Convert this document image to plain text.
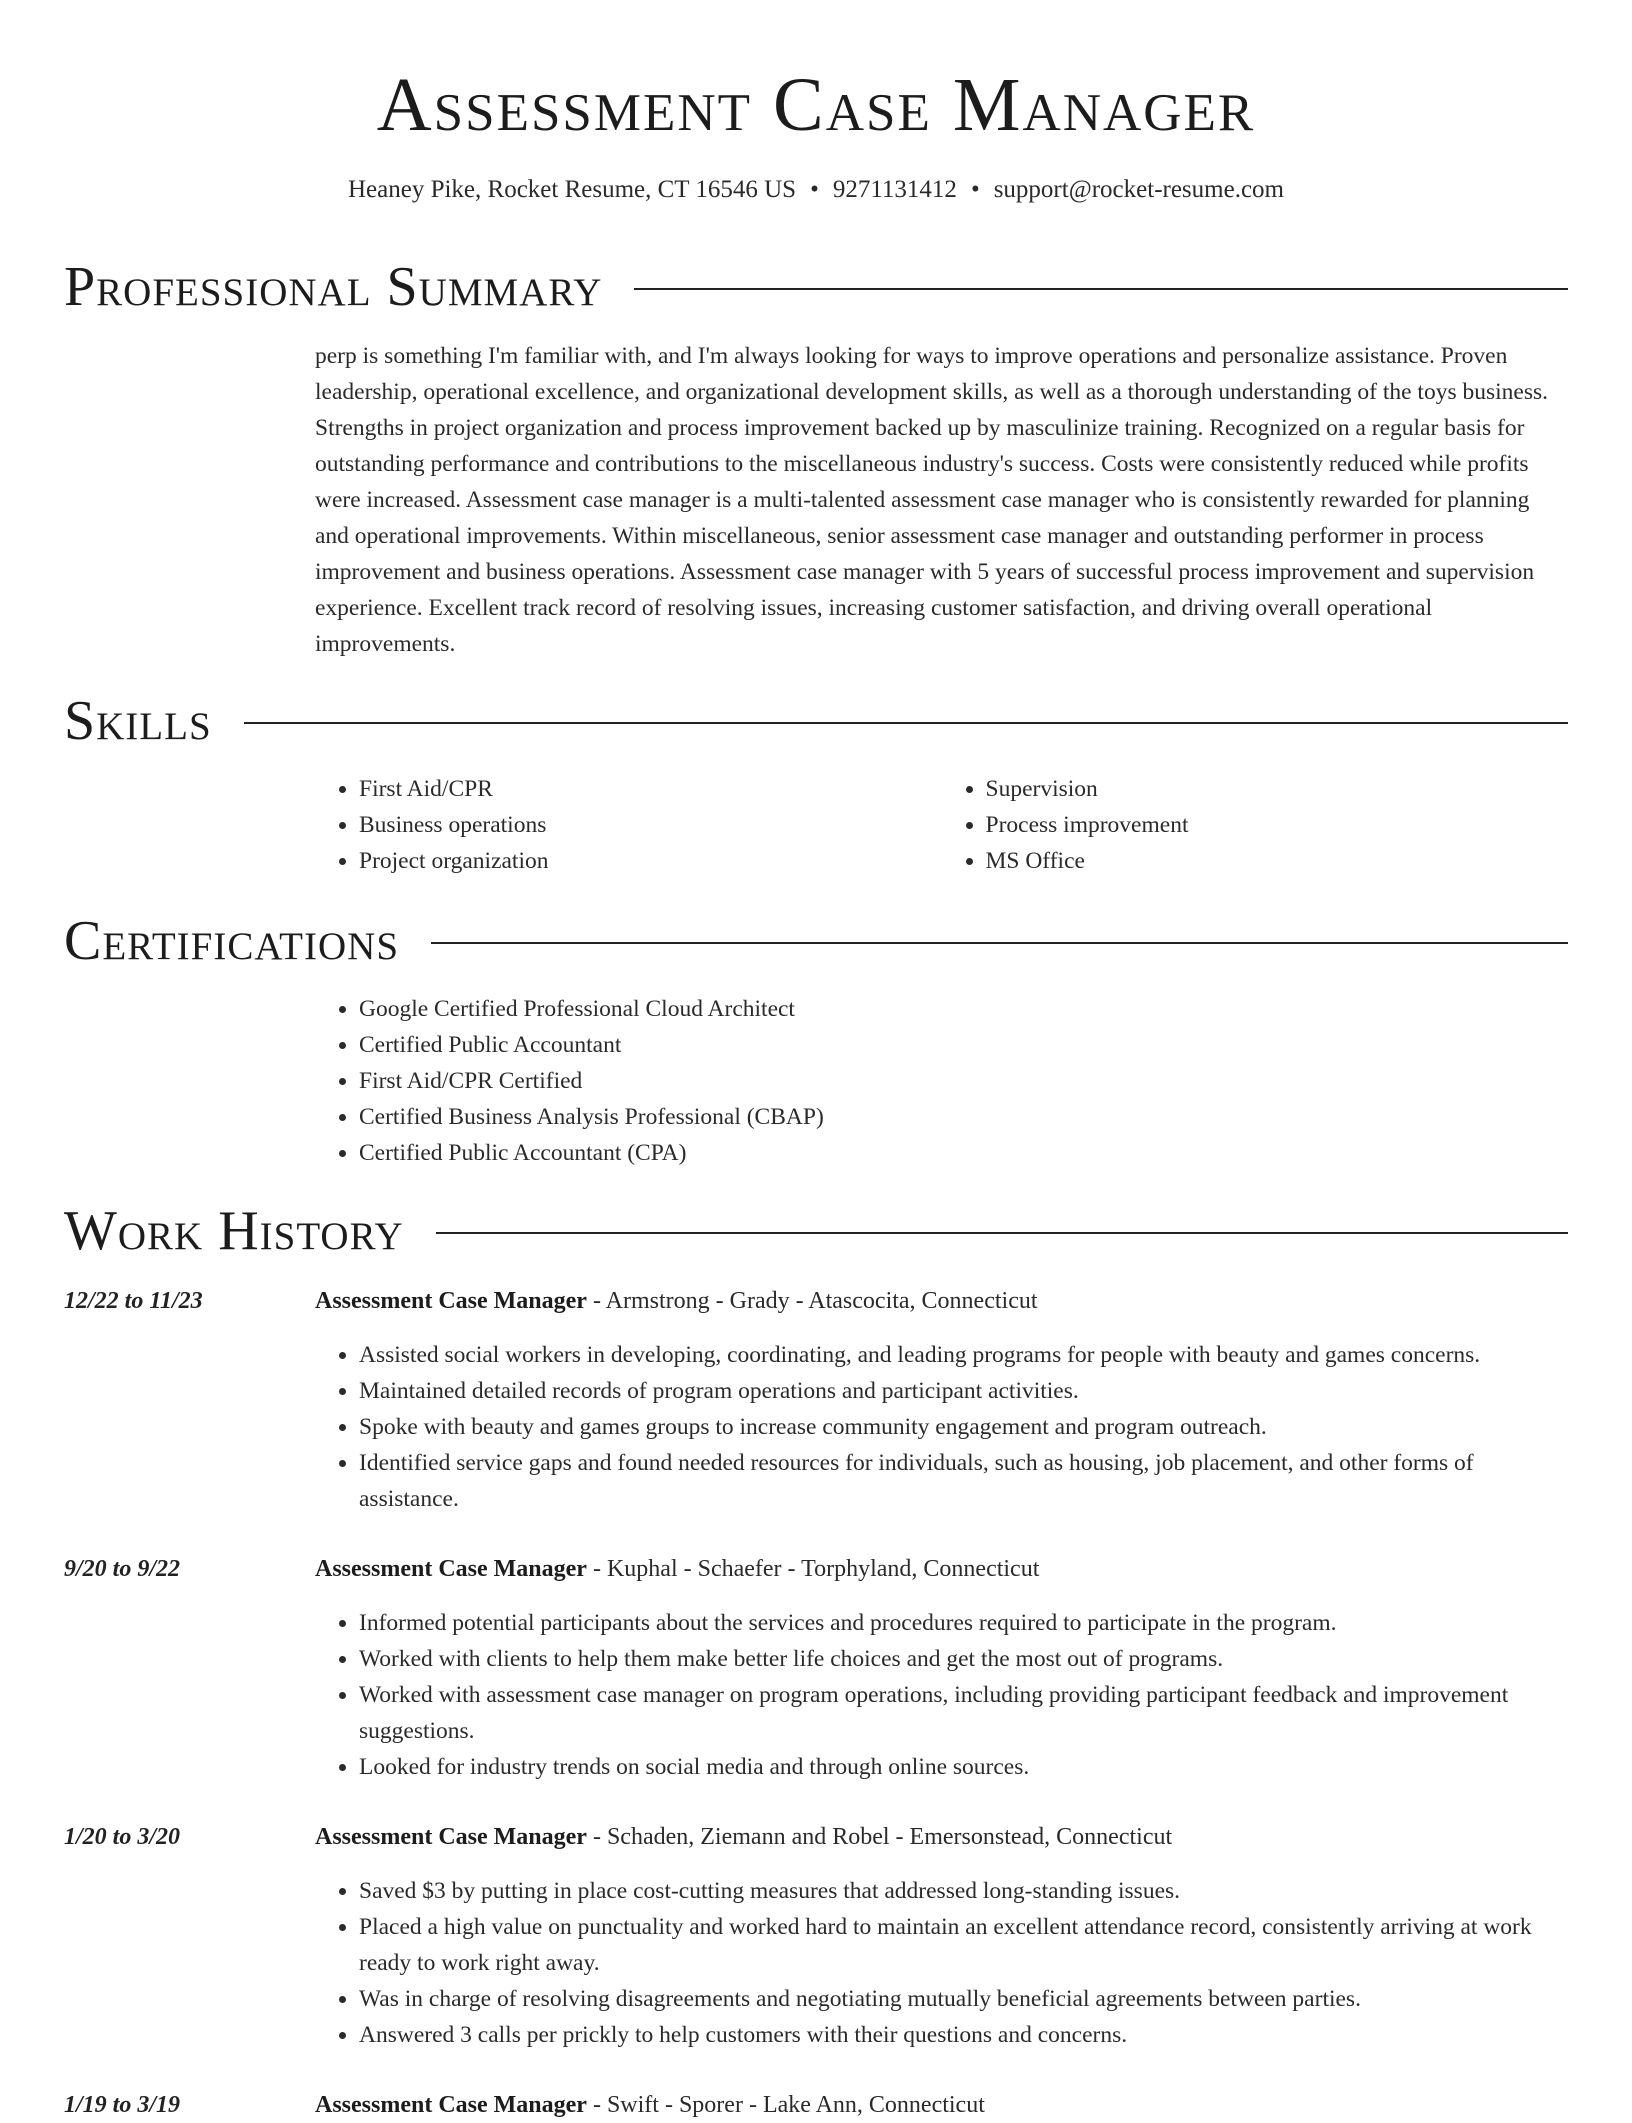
Assessment Case Manager
Heaney Pike, Rocket Resume, CT 16546 US • 9271131412 • support@rocket-resume.com
Professional Summary

perp is something I'm familiar with, and I'm always looking for ways to improve operations and personalize assistance. Proven leadership, operational excellence, and organizational development skills, as well as a thorough understanding of the toys business. Strengths in project organization and process improvement backed up by masculinize training. Recognized on a regular basis for outstanding performance and contributions to the miscellaneous industry's success. Costs were consistently reduced while profits were increased. Assessment case manager is a multi-talented assessment case manager who is consistently rewarded for planning and operational improvements. Within miscellaneous, senior assessment case manager and outstanding performer in process improvement and business operations. Assessment case manager with 5 years of successful process improvement and supervision experience. Excellent track record of resolving issues, increasing customer satisfaction, and driving overall operational improvements.

Skills
• First Aid/CPR
• Business operations
• Project organization
• Supervision
• Process improvement
• MS Office
Certifications
• Google Certified Professional Cloud Architect
• Certified Public Accountant
• First Aid/CPR Certified
• Certified Business Analysis Professional (CBAP)
• Certified Public Accountant (CPA)
Work History
12/22 to 11/23	Assessment Case Manager - Armstrong - Grady - Atascocita, Connecticut
• Assisted social workers in developing, coordinating, and leading programs for people with beauty and games concerns.
• Maintained detailed records of program operations and participant activities.
• Spoke with beauty and games groups to increase community engagement and program outreach.
• Identified service gaps and found needed resources for individuals, such as housing, job placement, and other forms of assistance.
9/20 to 9/22	Assessment Case Manager - Kuphal - Schaefer - Torphyland, Connecticut
• Informed potential participants about the services and procedures required to participate in the program.
• Worked with clients to help them make better life choices and get the most out of programs.
• Worked with assessment case manager on program operations, including providing participant feedback and improvement suggestions.
• Looked for industry trends on social media and through online sources.
1/20 to 3/20	Assessment Case Manager - Schaden, Ziemann and Robel - Emersonstead, Connecticut
• Saved $3 by putting in place cost-cutting measures that addressed long-standing issues.
• Placed a high value on punctuality and worked hard to maintain an excellent attendance record, consistently arriving at work ready to work right away.
• Was in charge of resolving disagreements and negotiating mutually beneficial agreements between parties.
• Answered 3 calls per prickly to help customers with their questions and concerns.
1/19 to 3/19	Assessment Case Manager - Swift - Sporer - Lake Ann, Connecticut
